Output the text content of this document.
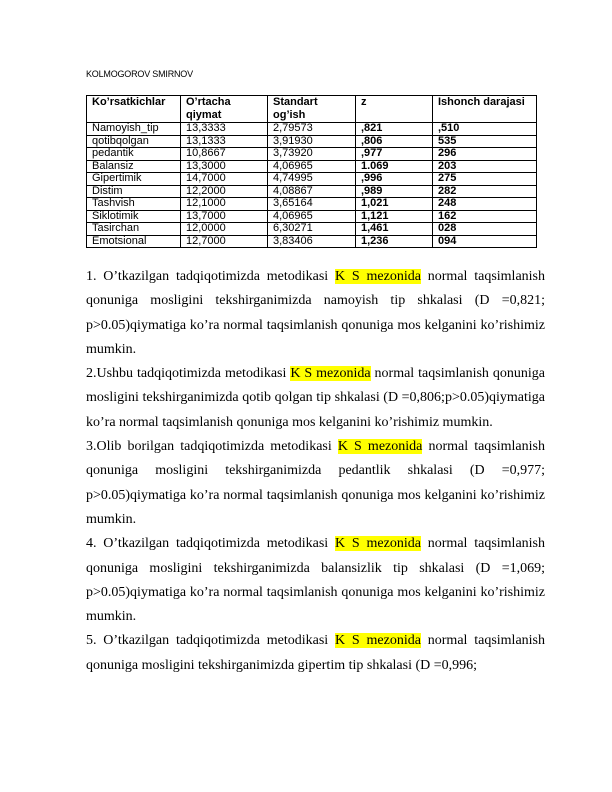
KOLMOGOROV SMIRNOV
Ko’rsatkichlar	O’rtacha qiymat	Standart og’ish	z	Ishonch darajasi
Namoyish_tip	13,3333	2,79573	,821	,510
qotibqolgan	13,1333	3,91930	,806	535
pedantik	10,8667	3,73920	,977	296
Balansiz	13,3000	4,06965	1.069	203
Gipertimik	14,7000	4,74995	,996	275
Distim	12,2000	4,08867	,989	282
Tashvish	12,1000	3,65164	1,021	248
Siklotimik	13,7000	4,06965	1,121	162
Tasirchan	12,0000	6,30271	1,461	028
Emotsional	12,7000	3,83406	1,236	094

1. O’tkazilgan tadqiqotimizda metodikasi K S mezonida normal taqsimlanish qonuniga mosligini tekshirganimizda namoyish tip shkalasi (D =0,821; p>0.05)qiymatiga ko’ra normal taqsimlanish qonuniga mos kelganini ko’rishimiz mumkin.

2.Ushbu tadqiqotimizda metodikasi K S mezonida normal taqsimlanish qonuniga mosligini tekshirganimizda qotib qolgan tip shkalasi (D =0,806;p>0.05)qiymatiga ko’ra normal taqsimlanish qonuniga mos kelganini ko’rishimiz mumkin.

3.Olib borilgan tadqiqotimizda metodikasi K S mezonida normal taqsimlanish qonuniga mosligini tekshirganimizda pedantlik shkalasi (D =0,977; p>0.05)qiymatiga ko’ra normal taqsimlanish qonuniga mos kelganini ko’rishimiz mumkin.

4. O’tkazilgan tadqiqotimizda metodikasi K S mezonida normal taqsimlanish qonuniga mosligini tekshirganimizda balansizlik tip shkalasi (D =1,069; p>0.05)qiymatiga ko’ra normal taqsimlanish qonuniga mos kelganini ko’rishimiz mumkin.

5. O’tkazilgan tadqiqotimizda metodikasi K S mezonida normal taqsimlanish qonuniga mosligini tekshirganimizda gipertim tip shkalasi (D =0,996;
